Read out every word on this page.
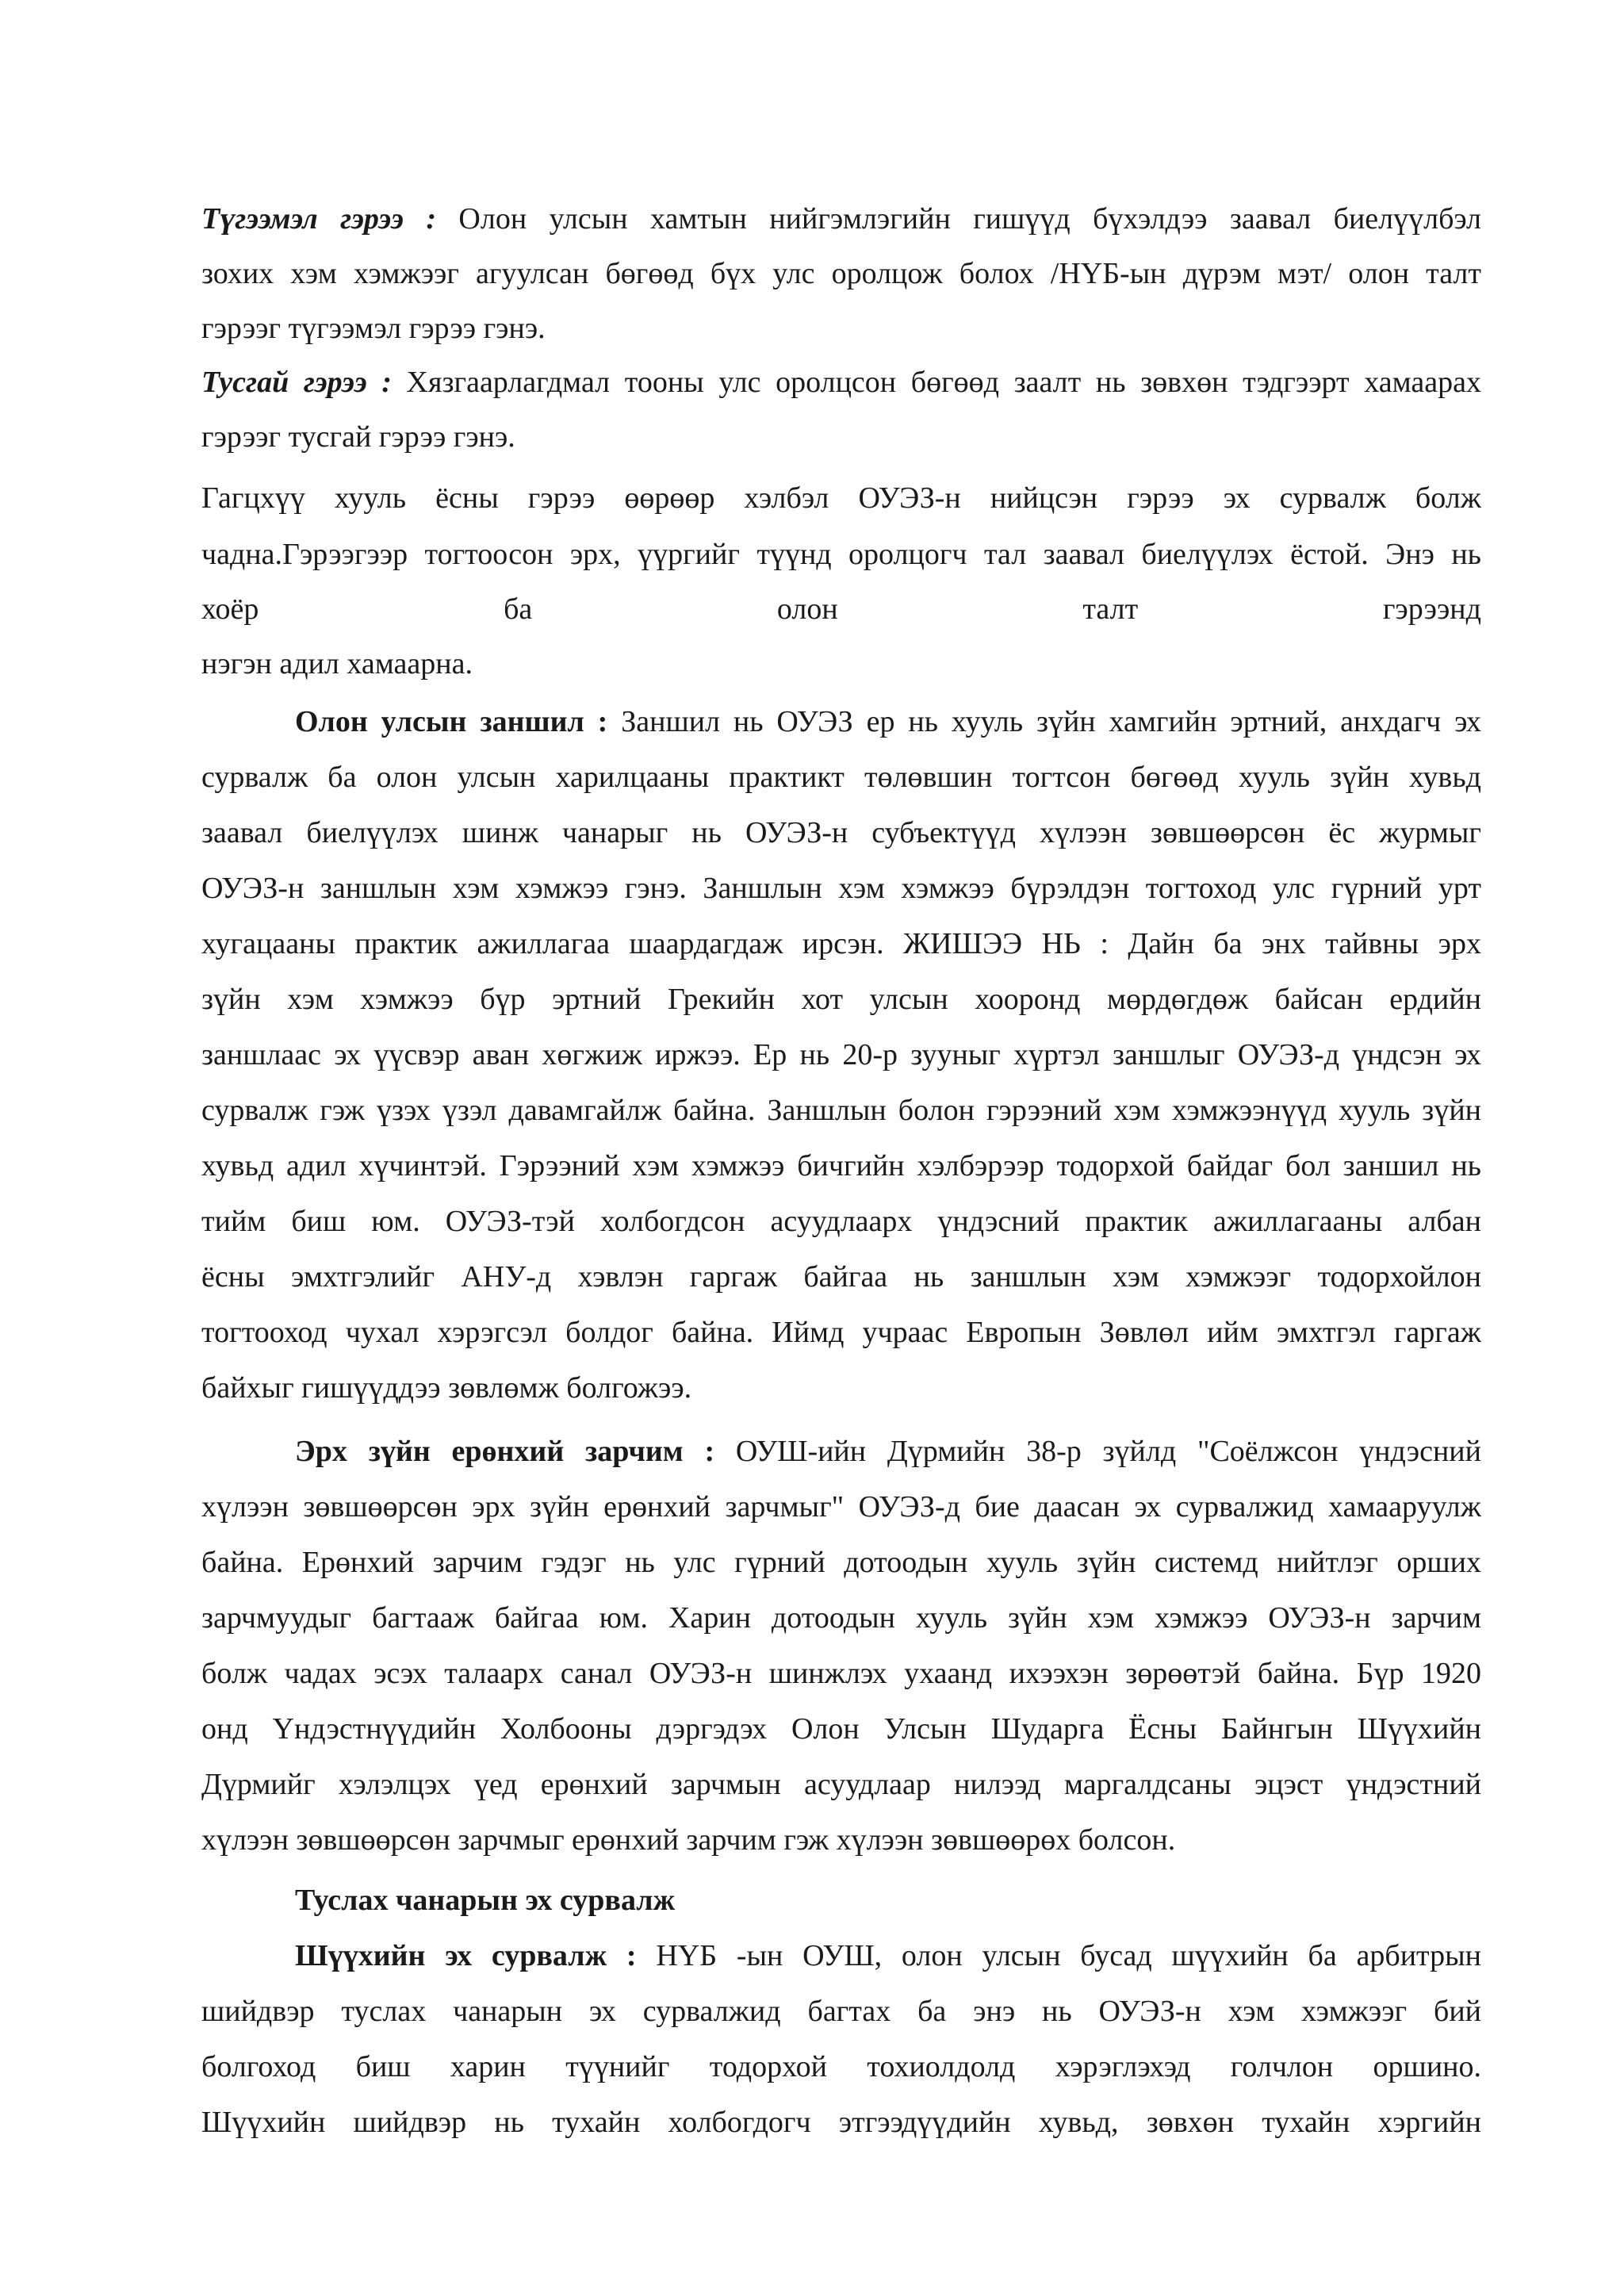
Түгээмэл гэрээ : Олон улсын хамтын нийгэмлэгийн гишүүд бүхэлдээ заавал биелүүлбэл
зохих хэм хэмжээг агуулсан бөгөөд бүх улс оролцож болох /НҮБ-ын дүрэм мэт/ олон талт
гэрээг түгээмэл гэрээ гэнэ.
Тусгай гэрээ : Хязгаарлагдмал тооны улс оролцсон бөгөөд заалт нь зөвхөн тэдгээрт хамаарах
гэрээг тусгай гэрээ гэнэ.
Гагцхүү хууль ёсны гэрээ өөрөөр хэлбэл ОУЭЗ-н нийцсэн гэрээ эх сурвалж болж
чадна.Гэрээгээр тогтоосон эрх, үүргийг түүнд оролцогч тал заавал биелүүлэх ёстой. Энэ нь
хоёр	ба	олон	талт	гэрээнд
нэгэн адил хамаарна.
Олон улсын заншил : Заншил нь ОУЭЗ ер нь хууль зүйн хамгийн эртний, анхдагч эх
сурвалж ба олон улсын харилцааны практикт төлөвшин тогтсон бөгөөд хууль зүйн хувьд
заавал биелүүлэх шинж чанарыг нь ОУЭЗ-н субъектүүд хүлээн зөвшөөрсөн ёс журмыг
ОУЭЗ-н заншлын хэм хэмжээ гэнэ. Заншлын хэм хэмжээ бүрэлдэн тогтоход улс гүрний урт
хугацааны практик ажиллагаа шаардагдаж ирсэн. ЖИШЭЭ НЬ : Дайн ба энх тайвны эрх
зүйн хэм хэмжээ бүр эртний Грекийн хот улсын хооронд мөрдөгдөж байсан ердийн
заншлаас эх үүсвэр аван хөгжиж иржээ. Ер нь 20-р зууныг хүртэл заншлыг ОУЭЗ-д үндсэн эх
сурвалж гэж үзэх үзэл давамгайлж байна. Заншлын болон гэрээний хэм хэмжээнүүд хууль зүйн
хувьд адил хүчинтэй. Гэрээний хэм хэмжээ бичгийн хэлбэрээр тодорхой байдаг бол заншил нь
тийм биш юм. ОУЭЗ-тэй холбогдсон асуудлаарх үндэсний практик ажиллагааны албан
ёсны эмхтгэлийг АНУ-д хэвлэн гаргаж байгаа нь заншлын хэм хэмжээг тодорхойлон
тогтооход чухал хэрэгсэл болдог байна. Иймд учраас Европын Зөвлөл ийм эмхтгэл гаргаж
байхыг гишүүддээ зөвлөмж болгожээ.
Эрх зүйн ерөнхий зарчим : ОУШ-ийн Дүрмийн 38-р зүйлд "Соёлжсон үндэсний
хүлээн зөвшөөрсөн эрх зүйн ерөнхий зарчмыг" ОУЭЗ-д бие даасан эх сурвалжид хамааруулж
байна. Ерөнхий зарчим гэдэг нь улс гүрний дотоодын хууль зүйн системд нийтлэг орших
зарчмуудыг багтааж байгаа юм. Харин дотоодын хууль зүйн хэм хэмжээ ОУЭЗ-н зарчим
болж чадах эсэх талаарх санал ОУЭЗ-н шинжлэх ухаанд ихээхэн зөрөөтэй байна. Бүр 1920
онд Үндэстнүүдийн Холбооны дэргэдэх Олон Улсын Шударга Ёсны Байнгын Шүүхийн
Дүрмийг хэлэлцэх үед ерөнхий зарчмын асуудлаар нилээд маргалдсаны эцэст үндэстний
хүлээн зөвшөөрсөн зарчмыг ерөнхий зарчим гэж хүлээн зөвшөөрөх болсон.
Туслах чанарын эх сурвалж
Шүүхийн эх сурвалж : НҮБ -ын ОУШ, олон улсын бусад шүүхийн ба арбитрын
шийдвэр туслах чанарын эх сурвалжид багтах ба энэ нь ОУЭЗ-н хэм хэмжээг бий
болгоход биш харин түүнийг тодорхой тохиолдолд хэрэглэхэд голчлон оршино.
Шүүхийн шийдвэр нь тухайн холбогдогч этгээдүүдийн хувьд, зөвхөн тухайн хэргийн
